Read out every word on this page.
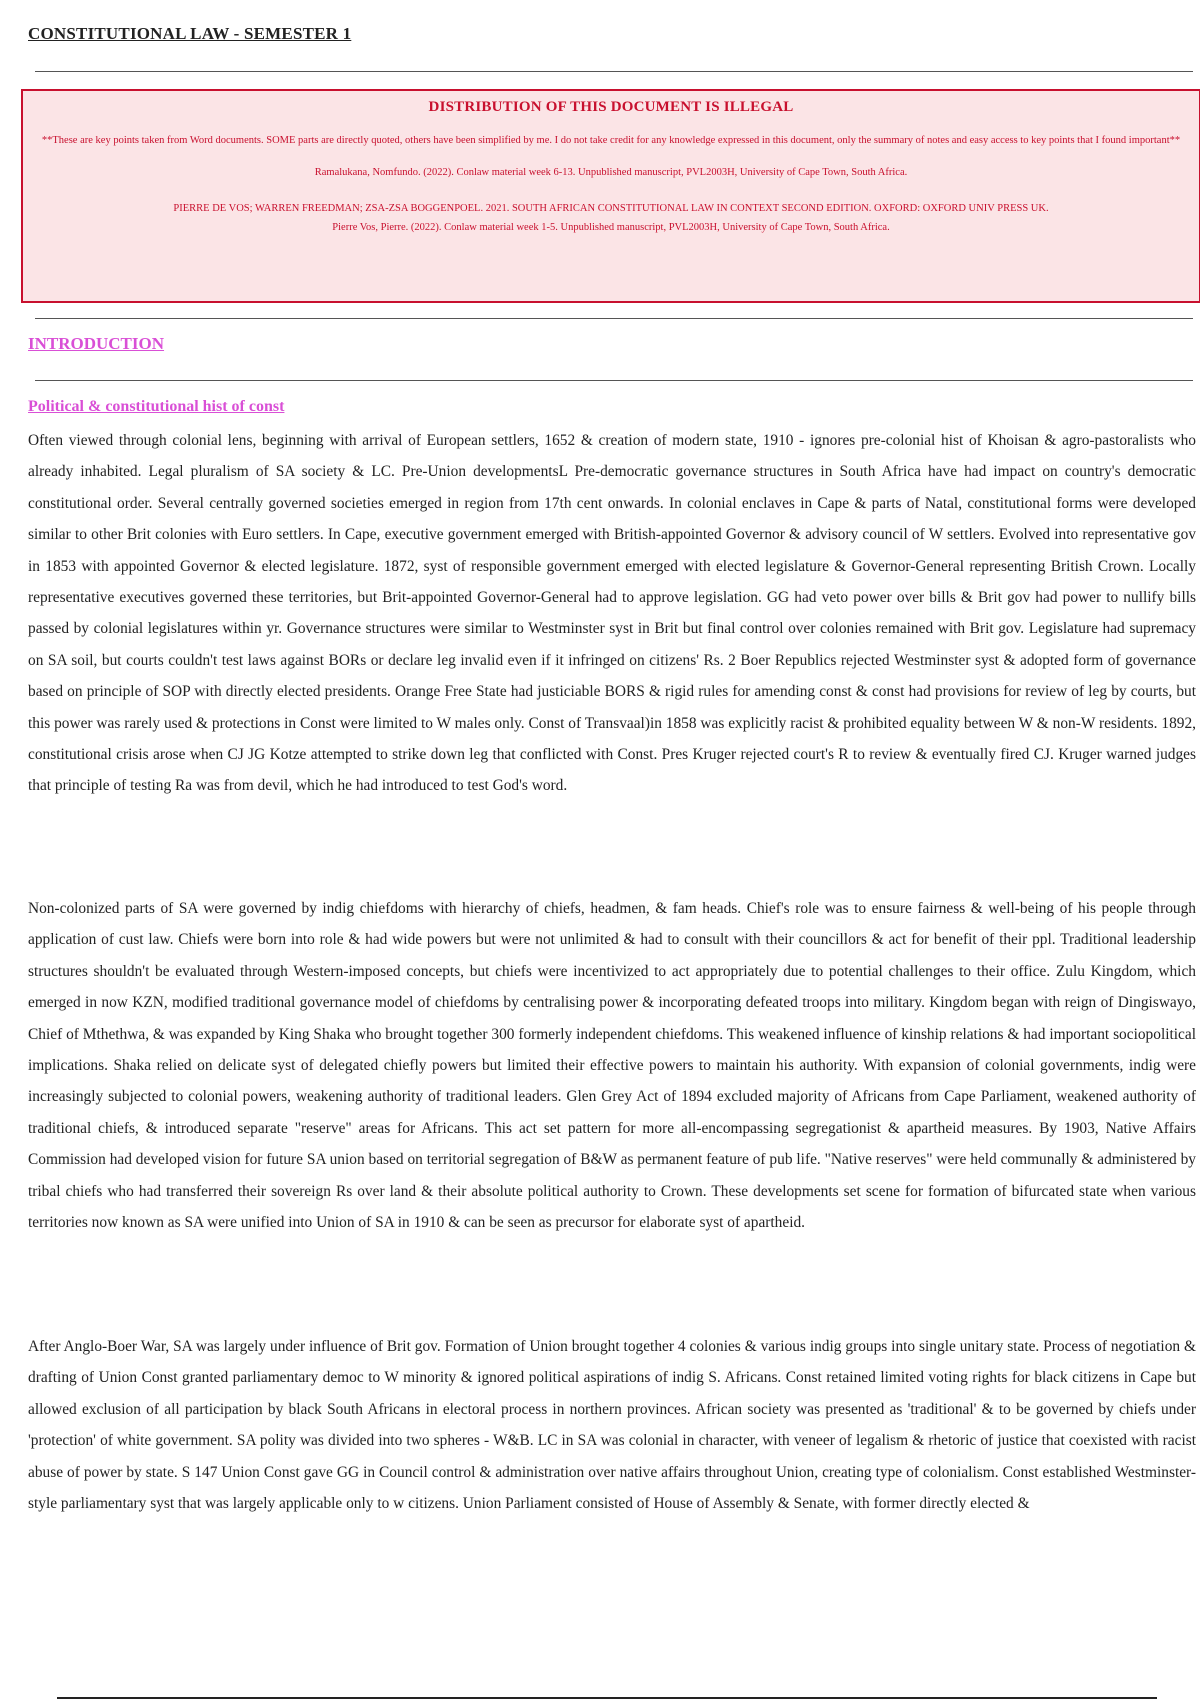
CONSTITUTIONAL LAW - SEMESTER 1
DISTRIBUTION OF THIS DOCUMENT IS ILLEGAL
**These are key points taken from Word documents. SOME parts are directly quoted, others have been simplified by me. I do not take credit for any knowledge expressed in this document, only the summary of notes and easy access to key points that I found important**
Ramalukana, Nomfundo. (2022). Conlaw material week 6-13. Unpublished manuscript, PVL2003H, University of Cape Town, South Africa.
PIERRE DE VOS; WARREN FREEDMAN; ZSA-ZSA BOGGENPOEL. 2021. SOUTH AFRICAN CONSTITUTIONAL LAW IN CONTEXT SECOND EDITION. OXFORD: OXFORD UNIV PRESS UK.
Pierre Vos, Pierre. (2022). Conlaw material week 1-5. Unpublished manuscript, PVL2003H, University of Cape Town, South Africa.
INTRODUCTION
Political & constitutional hist of const

Often viewed through colonial lens, beginning with arrival of European settlers, 1652 & creation of modern state, 1910 - ignores pre-colonial hist of Khoisan & agro-pastoralists who already inhabited. Legal pluralism of SA society & LC. Pre-Union developmentsL Pre-democratic governance structures in South Africa have had impact on country's democratic constitutional order. Several centrally governed societies emerged in region from 17th cent onwards. In colonial enclaves in Cape & parts of Natal, constitutional forms were developed similar to other Brit colonies with Euro settlers. In Cape, executive government emerged with British-appointed Governor & advisory council of W settlers. Evolved into representative gov in 1853 with appointed Governor & elected legislature. 1872, syst of responsible government emerged with elected legislature & Governor-General representing British Crown. Locally representative executives governed these territories, but Brit-appointed Governor-General had to approve legislation. GG had veto power over bills & Brit gov had power to nullify bills passed by colonial legislatures within yr. Governance structures were similar to Westminster syst in Brit but final control over colonies remained with Brit gov. Legislature had supremacy on SA soil, but courts couldn't test laws against BORs or declare leg invalid even if it infringed on citizens' Rs. 2 Boer Republics rejected Westminster syst & adopted form of governance based on principle of SOP with directly elected presidents. Orange Free State had justiciable BORS & rigid rules for amending const & const had provisions for review of leg by courts, but this power was rarely used & protections in Const were limited to W males only. Const of Transvaal)in 1858 was explicitly racist & prohibited equality between W & non-W residents. 1892, constitutional crisis arose when CJ JG Kotze attempted to strike down leg that conflicted with Const. Pres Kruger rejected court's R to review & eventually fired CJ. Kruger warned judges that principle of testing Ra was from devil, which he had introduced to test God's word.

Non-colonized parts of SA were governed by indig chiefdoms with hierarchy of chiefs, headmen, & fam heads. Chief's role was to ensure fairness & well-being of his people through application of cust law. Chiefs were born into role & had wide powers but were not unlimited & had to consult with their councillors & act for benefit of their ppl. Traditional leadership structures shouldn't be evaluated through Western-imposed concepts, but chiefs were incentivized to act appropriately due to potential challenges to their office. Zulu Kingdom, which emerged in now KZN, modified traditional governance model of chiefdoms by centralising power & incorporating defeated troops into military. Kingdom began with reign of Dingiswayo, Chief of Mthethwa, & was expanded by King Shaka who brought together 300 formerly independent chiefdoms. This weakened influence of kinship relations & had important sociopolitical implications. Shaka relied on delicate syst of delegated chiefly powers but limited their effective powers to maintain his authority. With expansion of colonial governments, indig were increasingly subjected to colonial powers, weakening authority of traditional leaders. Glen Grey Act of 1894 excluded majority of Africans from Cape Parliament, weakened authority of traditional chiefs, & introduced separate "reserve" areas for Africans. This act set pattern for more all-encompassing segregationist & apartheid measures. By 1903, Native Affairs Commission had developed vision for future SA union based on territorial segregation of B&W as permanent feature of pub life. "Native reserves" were held communally & administered by tribal chiefs who had transferred their sovereign Rs over land & their absolute political authority to Crown. These developments set scene for formation of bifurcated state when various territories now known as SA were unified into Union of SA in 1910 & can be seen as precursor for elaborate syst of apartheid.

After Anglo-Boer War, SA was largely under influence of Brit gov. Formation of Union brought together 4 colonies & various indig groups into single unitary state. Process of negotiation & drafting of Union Const granted parliamentary democ to W minority & ignored political aspirations of indig S. Africans. Const retained limited voting rights for black citizens in Cape but allowed exclusion of all participation by black South Africans in electoral process in northern provinces. African society was presented as 'traditional' & to be governed by chiefs under 'protection' of white government. SA polity was divided into two spheres - W&B. LC in SA was colonial in character, with veneer of legalism & rhetoric of justice that coexisted with racist abuse of power by state. S 147 Union Const gave GG in Council control & administration over native affairs throughout Union, creating type of colonialism. Const established Westminster-style parliamentary syst that was largely applicable only to w citizens. Union Parliament consisted of House of Assembly & Senate, with former directly elected &
